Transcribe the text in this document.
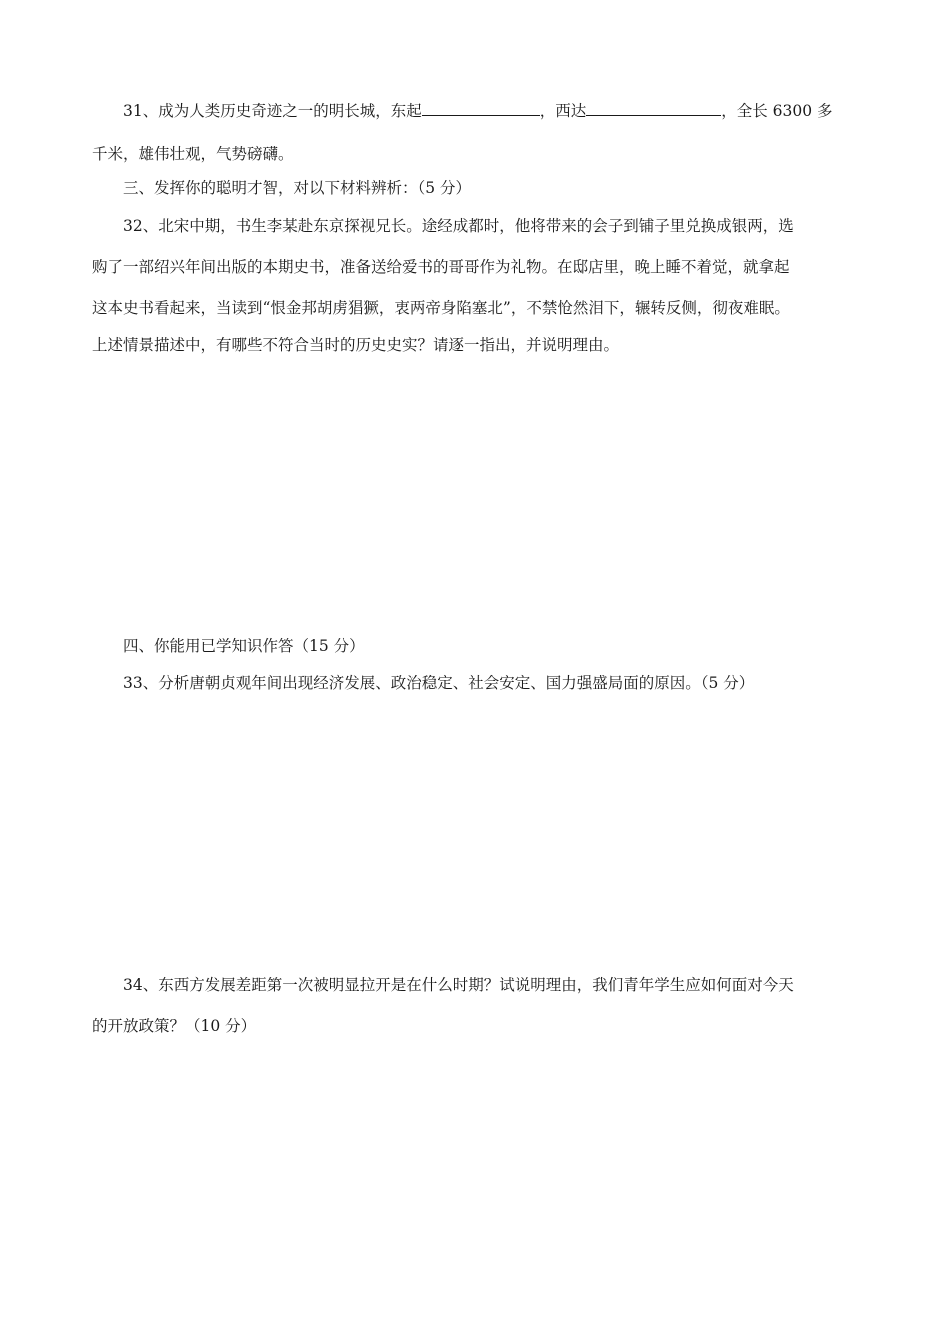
31、成为人类历史奇迹之一的明长城，东起	，西达	，全长 6300 多
千米，雄伟壮观，气势磅礴。
三、发挥你的聪明才智，对以下材料辨析：（5 分）
32、北宋中期，书生李某赴东京探视兄长。途经成都时，他将带来的会子到铺子里兑换成银两，选
购了一部绍兴年间出版的本期史书，准备送给爱书的哥哥作为礼物。在邸店里，晚上睡不着觉，就拿起
这本史书看起来，当读到“恨金邦胡虏猖獗，衷两帝身陷塞北”，不禁怆然泪下，辗转反侧，彻夜难眠。
上述情景描述中，有哪些不符合当时的历史史实？请逐一指出，并说明理由。
四、你能用已学知识作答（15 分）
33、分析唐朝贞观年间出现经济发展、政治稳定、社会安定、国力强盛局面的原因。（5 分）
34、东西方发展差距第一次被明显拉开是在什么时期？试说明理由，我们青年学生应如何面对今天
的开放政策？（10 分）
